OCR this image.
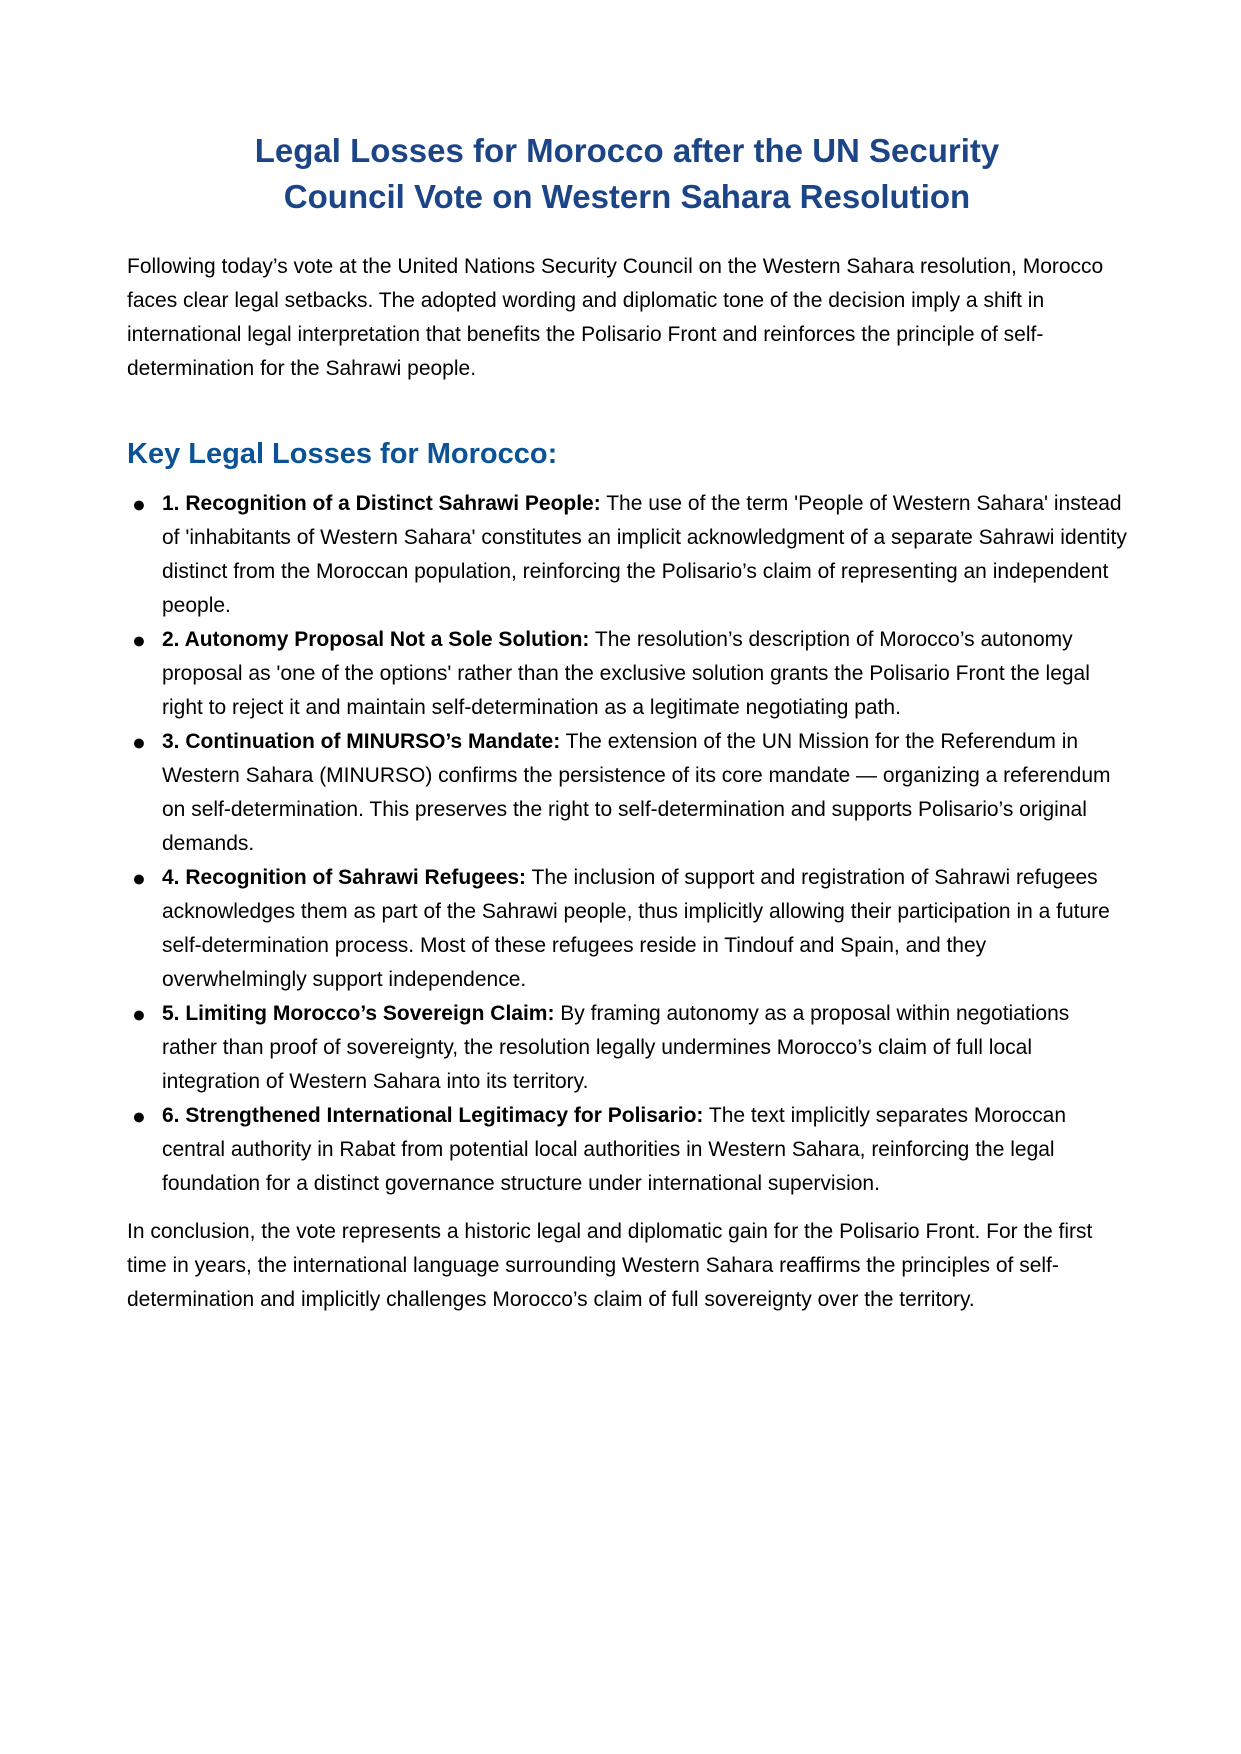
Legal Losses for Morocco after the UN Security
Council Vote on Western Sahara Resolution

Following today’s vote at the United Nations Security Council on the Western Sahara resolution, Morocco faces clear legal setbacks. The adopted wording and diplomatic tone of the decision imply a shift in international legal interpretation that benefits the Polisario Front and reinforces the principle of self-determination for the Sahrawi people.

Key Legal Losses for Morocco:
● 1. Recognition of a Distinct Sahrawi People: The use of the term 'People of Western Sahara' instead of 'inhabitants of Western Sahara' constitutes an implicit acknowledgment of a separate Sahrawi identity distinct from the Moroccan population, reinforcing the Polisario’s claim of representing an independent people.
● 2. Autonomy Proposal Not a Sole Solution: The resolution’s description of Morocco’s autonomy proposal as 'one of the options' rather than the exclusive solution grants the Polisario Front the legal right to reject it and maintain self-determination as a legitimate negotiating path.
● 3. Continuation of MINURSO’s Mandate: The extension of the UN Mission for the Referendum in Western Sahara (MINURSO) confirms the persistence of its core mandate — organizing a referendum on self-determination. This preserves the right to self-determination and supports Polisario’s original demands.
● 4. Recognition of Sahrawi Refugees: The inclusion of support and registration of Sahrawi refugees acknowledges them as part of the Sahrawi people, thus implicitly allowing their participation in a future self-determination process. Most of these refugees reside in Tindouf and Spain, and they overwhelmingly support independence.
● 5. Limiting Morocco’s Sovereign Claim: By framing autonomy as a proposal within negotiations rather than proof of sovereignty, the resolution legally undermines Morocco’s claim of full local integration of Western Sahara into its territory.
● 6. Strengthened International Legitimacy for Polisario: The text implicitly separates Moroccan central authority in Rabat from potential local authorities in Western Sahara, reinforcing the legal foundation for a distinct governance structure under international supervision.

In conclusion, the vote represents a historic legal and diplomatic gain for the Polisario Front. For the first time in years, the international language surrounding Western Sahara reaffirms the principles of self-determination and implicitly challenges Morocco’s claim of full sovereignty over the territory.
